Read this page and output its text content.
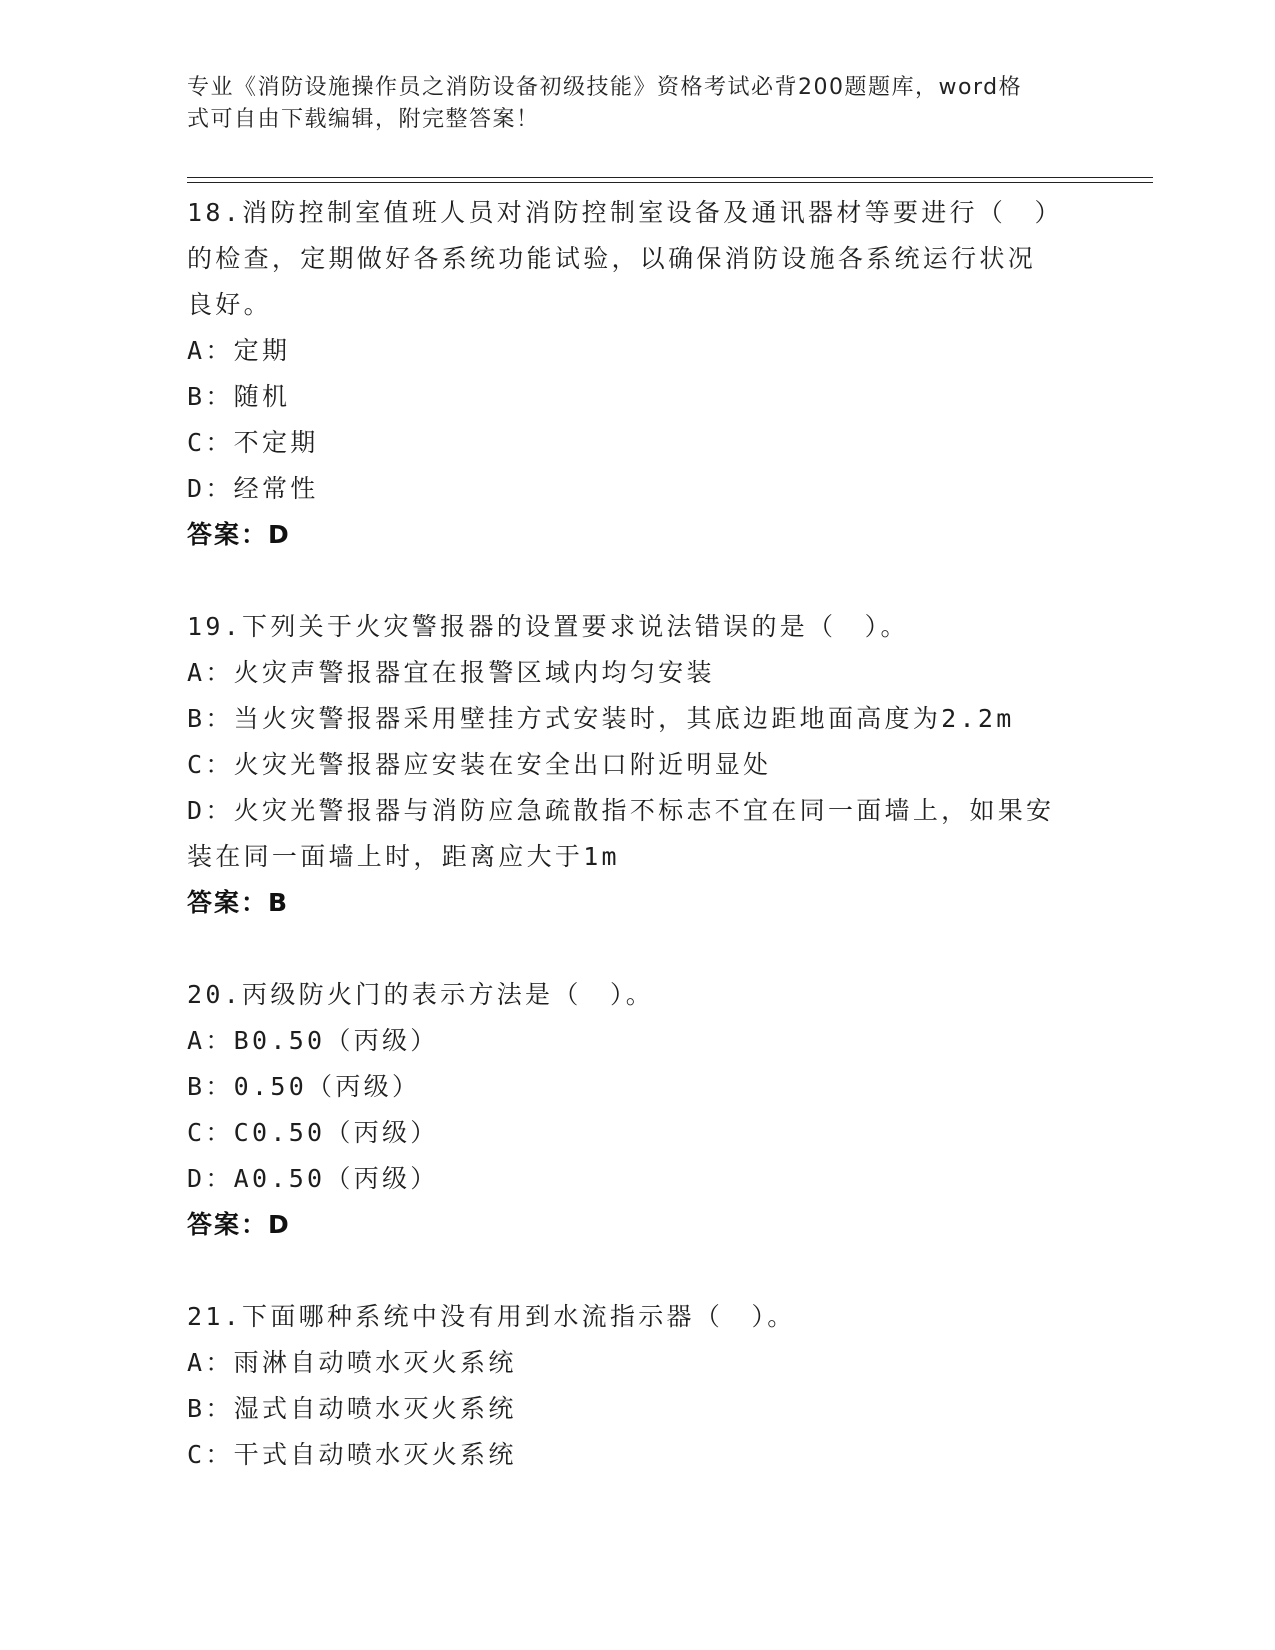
专业《消防设施操作员之消防设备初级技能》资格考试必背200题题库，word格
式可自由下载编辑，附完整答案！
18.消防控制室值班人员对消防控制室设备及通讯器材等要进行（　）
的检查，定期做好各系统功能试验，以确保消防设施各系统运行状况
良好。
A：定期
B：随机
C：不定期
D：经常性
答案：D
19.下列关于火灾警报器的设置要求说法错误的是（　）。
A：火灾声警报器宜在报警区域内均匀安装
B：当火灾警报器采用壁挂方式安装时，其底边距地面高度为2.2m
C：火灾光警报器应安装在安全出口附近明显处
D：火灾光警报器与消防应急疏散指不标志不宜在同一面墙上，如果安
装在同一面墙上时，距离应大于1m
答案：B
20.丙级防火门的表示方法是（　）。
A：B0.50（丙级）
B：0.50（丙级）
C：C0.50（丙级）
D：A0.50（丙级）
答案：D
21.下面哪种系统中没有用到水流指示器（　）。
A：雨淋自动喷水灭火系统
B：湿式自动喷水灭火系统
C：干式自动喷水灭火系统
